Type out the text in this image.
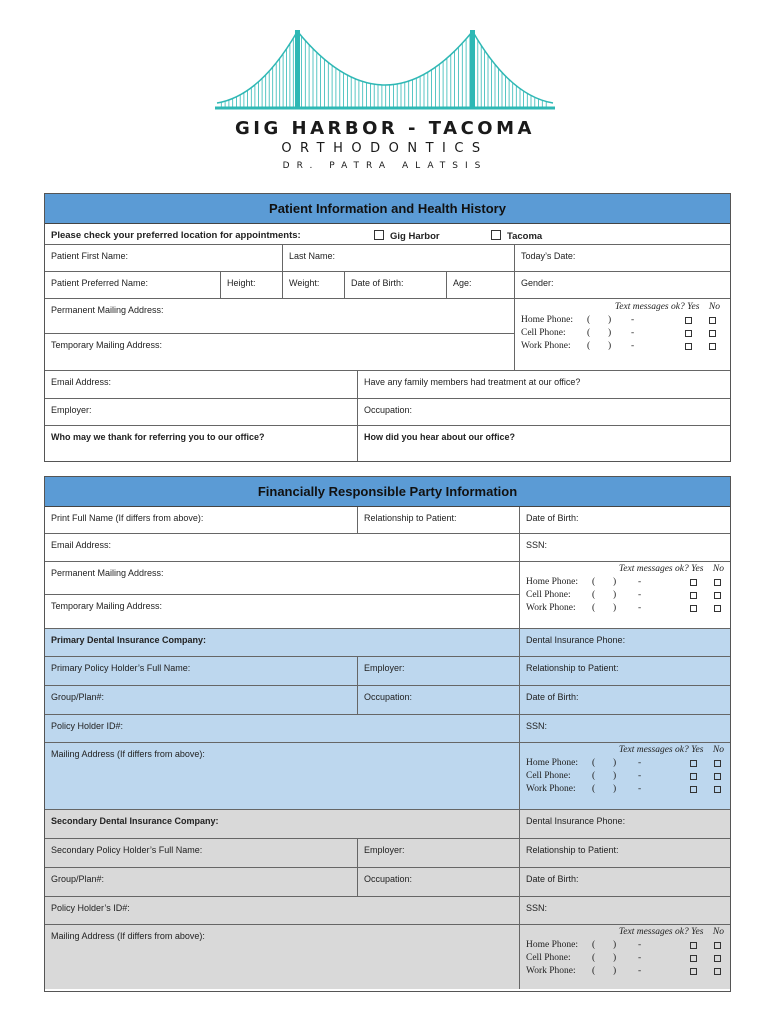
GIG HARBOR - TACOMA
ORTHODONTICS
DR. PATRA ALATSIS
Patient Information and Health History
Please check your preferred location for appointments:	Gig Harbor	Tacoma
Patient First Name:	Last Name:	Today’s Date:
Patient Preferred Name:	Height:	Weight:	Date of Birth:	Age:	Gender:
Permanent Mailing Address:
Temporary Mailing Address:
Text messages ok? Yes No
Home Phone: ( ) -
Cell Phone: ( ) -
Work Phone: ( ) -
Email Address:	Have any family members had treatment at our office?
Employer:	Occupation:
Who may we thank for referring you to our office?	How did you hear about our office?
Financially Responsible Party Information
Print Full Name (If differs from above):	Relationship to Patient:	Date of Birth:
Email Address:	SSN:
Permanent Mailing Address:
Temporary Mailing Address:
Text messages ok? Yes No
Home Phone: ( ) -
Cell Phone: ( ) -
Work Phone: ( ) -
Primary Dental Insurance Company:	Dental Insurance Phone:
Primary Policy Holder’s Full Name:	Employer:	Relationship to Patient:
Group/Plan#:	Occupation:	Date of Birth:
Policy Holder ID#:	SSN:
Mailing Address (If differs from above):	Text messages ok? Yes No
Home Phone: ( ) -
Cell Phone: ( ) -
Work Phone: ( ) -
Secondary Dental Insurance Company:	Dental Insurance Phone:
Secondary Policy Holder’s Full Name:	Employer:	Relationship to Patient:
Group/Plan#:	Occupation:	Date of Birth:
Policy Holder’s ID#:	SSN:
Mailing Address (If differs from above):	Text messages ok? Yes No
Home Phone: ( ) -
Cell Phone: ( ) -
Work Phone: ( ) -
